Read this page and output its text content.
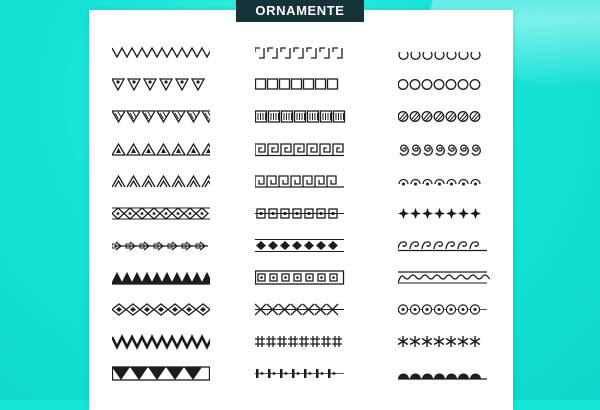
ORNAMENTE
